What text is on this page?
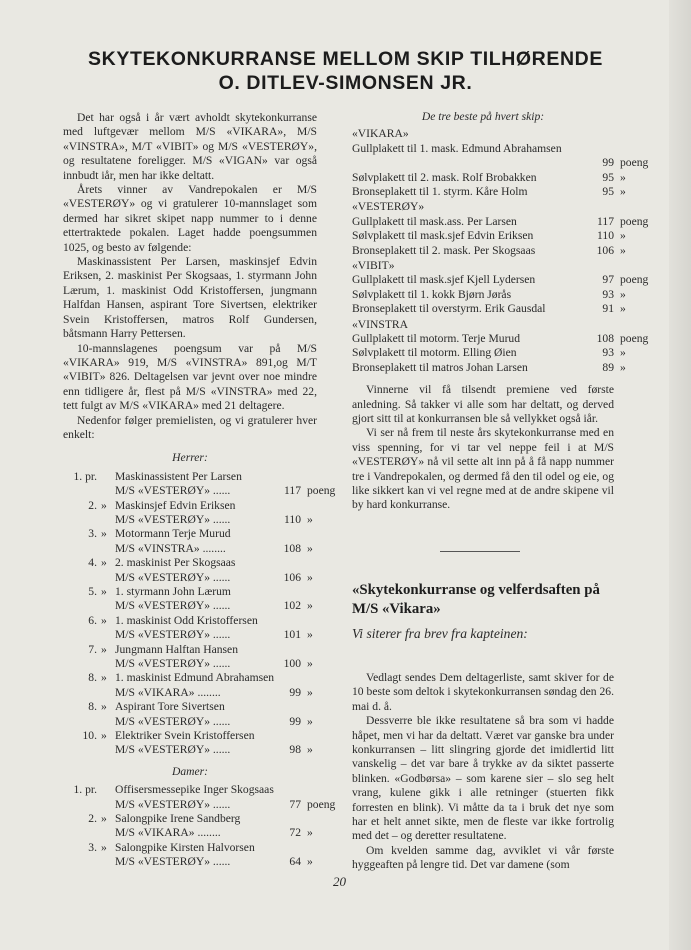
SKYTEKONKURRANSE MELLOM SKIP TILHØRENDE
O. DITLEV-SIMONSEN JR.

Det har også i år vært avholdt skytekonkurranse med luftgevær mellom M/S «VIKARA», M/S «VINSTRA», M/T «VIBIT» og M/S «VESTERØY», og resultatene foreligger. M/S «VIGAN» var også innbudt iår, men har ikke deltatt.

Årets vinner av Vandrepokalen er M/S «VESTERØY» og vi gratulerer 10-mannslaget som dermed har sikret skipet napp nummer to i denne ettertraktede pokalen. Laget hadde poengsummen 1025, og besto av følgende:

Maskinassistent Per Larsen, maskinsjef Edvin Eriksen, 2. maskinist Per Skogsaas, 1. styrmann John Lærum, 1. maskinist Odd Kristoffersen, jungmann Halfdan Hansen, aspirant Tore Sivertsen, elektriker Svein Kristoffersen, matros Rolf Gundersen, båtsmann Harry Pettersen.

10-mannslagenes poengsum var på M/S «VIKARA» 919, M/S «VINSTRA» 891,og M/T «VIBIT» 826. Deltagelsen var jevnt over noe mindre enn tidligere år, flest på M/S «VINSTRA» med 22, tett fulgt av M/S «VIKARA» med 21 deltagere.

Nedenfor følger premielisten, og vi gratulerer hver enkelt:

Herrer:
1. pr. Maskinassistent Per Larsen
M/S «VESTERØY» ......	117 poeng
2. » Maskinsjef Edvin Eriksen
M/S «VESTERØY» ......	110 »
3. » Motormann Terje Murud
M/S «VINSTRA» ........	108 »
4. » 2. maskinist Per Skogsaas
M/S «VESTERØY» ......	106 »
5. » 1. styrmann John Lærum
M/S «VESTERØY» ......	102 »
6. » 1. maskinist Odd Kristoffersen
M/S «VESTERØY» ......	101 »
7. » Jungmann Halftan Hansen
M/S «VESTERØY» ......	100 »
8. » 1. maskinist Edmund Abrahamsen
M/S «VIKARA» ........	99 »
8. » Aspirant Tore Sivertsen
M/S «VESTERØY» ......	99 »
10. » Elektriker Svein Kristoffersen
M/S «VESTERØY» ......	98 »
Damer:
1. pr. Offisersmessepike Inger Skogsaas
M/S «VESTERØY» ......	77 poeng
2. » Salongpike Irene Sandberg
M/S «VIKARA» ........	72 »
3. » Salongpike Kirsten Halvorsen
M/S «VESTERØY» ......	64 »
De tre beste på hvert skip:
«VIKARA»
Gullplakett til 1. mask. Edmund Abrahamsen
99 poeng
Sølvplakett til 2. mask. Rolf Brobakken	95 »
Bronseplakett til 1. styrm. Kåre Holm	95 »
«VESTERØY»
Gullplakett til mask.ass. Per Larsen	117 poeng
Sølvplakett til mask.sjef Edvin Eriksen	110 »
Bronseplakett til 2. mask. Per Skogsaas	106 »
«VIBIT»
Gullplakett til mask.sjef Kjell Lydersen	97 poeng
Sølvplakett til 1. kokk Bjørn Jørås	93 »
Bronseplakett til overstyrm. Erik Gausdal	91 »
«VINSTRA
Gullplakett til motorm. Terje Murud	108 poeng
Sølvplakett til motorm. Elling Øien	93 »
Bronseplakett til matros Johan Larsen	89 »

Vinnerne vil få tilsendt premiene ved første anledning. Så takker vi alle som har deltatt, og derved gjort sitt til at konkurransen ble så vellykket også iår.

Vi ser nå frem til neste års skytekonkurranse med en viss spenning, for vi tar vel neppe feil i at M/S «VESTERØY» nå vil sette alt inn på å få napp nummer tre i Vandrepokalen, og dermed få den til odel og eie, og like sikkert kan vi vel regne med at de andre skipene vil by hard konkurranse.

«Skytekonkurranse og velferdsaften på M/S «Vikara»
Vi siterer fra brev fra kapteinen:

Vedlagt sendes Dem deltagerliste, samt skiver for de 10 beste som deltok i skytekonkurransen søndag den 26. mai d. å.

Dessverre ble ikke resultatene så bra som vi hadde håpet, men vi har da deltatt. Været var ganske bra under konkurransen – litt slingring gjorde det imidlertid litt vanskelig – det var bare å trykke av da siktet passerte blinken. «Godbørsa» – som karene sier – slo seg helt vrang, kulene gikk i alle retninger (stuerten fikk forresten en blink). Vi måtte da ta i bruk det nye som har et helt annet sikte, men de fleste var ikke fortrolig med det – og deretter resultatene.

Om kvelden samme dag, avviklet vi vår første hyggeaften på lengre tid. Det var damene (som

20
